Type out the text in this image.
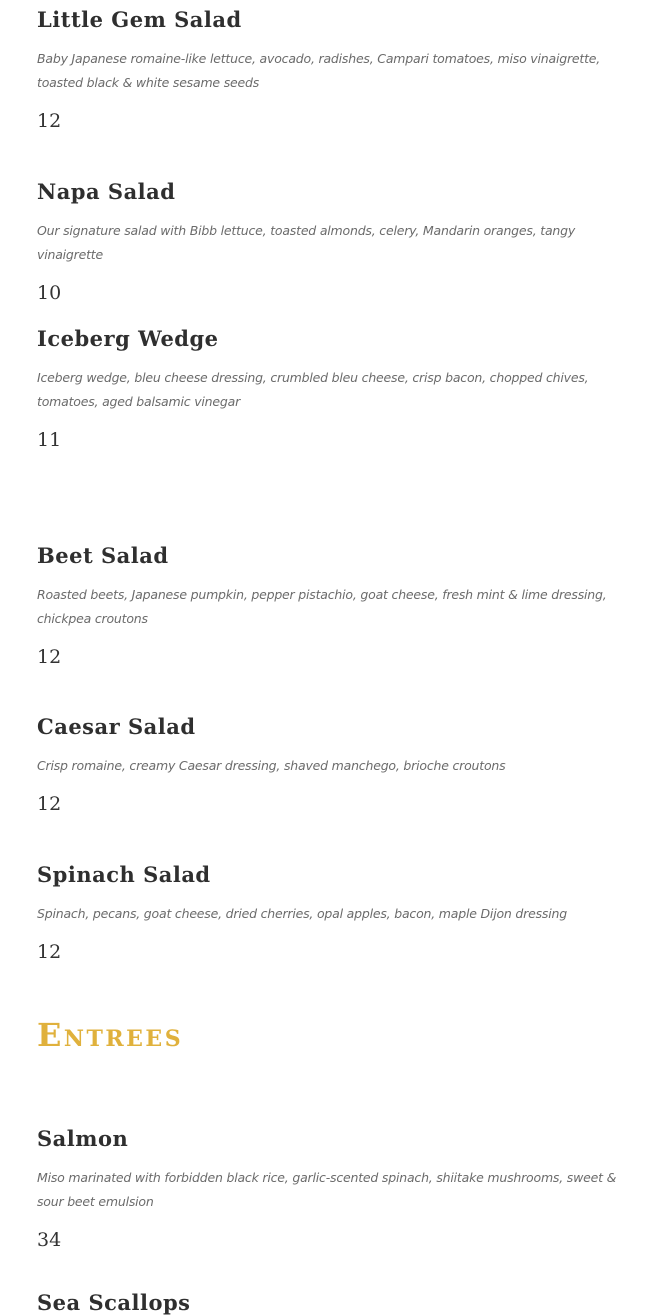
Little Gem Salad

Baby Japanese romaine-like lettuce, avocado, radishes, Campari tomatoes, miso vinaigrette, toasted black & white sesame seeds

12
Napa Salad

Our signature salad with Bibb lettuce, toasted almonds, celery, Mandarin oranges, tangy vinaigrette

10
Iceberg Wedge

Iceberg wedge, bleu cheese dressing, crumbled bleu cheese, crisp bacon, chopped chives, tomatoes, aged balsamic vinegar

11
Beet Salad

Roasted beets, Japanese pumpkin, pepper pistachio, goat cheese, fresh mint & lime dressing, chickpea croutons

12
Caesar Salad

Crisp romaine, creamy Caesar dressing, shaved manchego, brioche croutons

12
Spinach Salad

Spinach, pecans, goat cheese, dried cherries, opal apples, bacon, maple Dijon dressing

12
Entrees
Salmon

Miso marinated with forbidden black rice, garlic-scented spinach, shiitake mushrooms, sweet & sour beet emulsion

34
Sea Scallops
